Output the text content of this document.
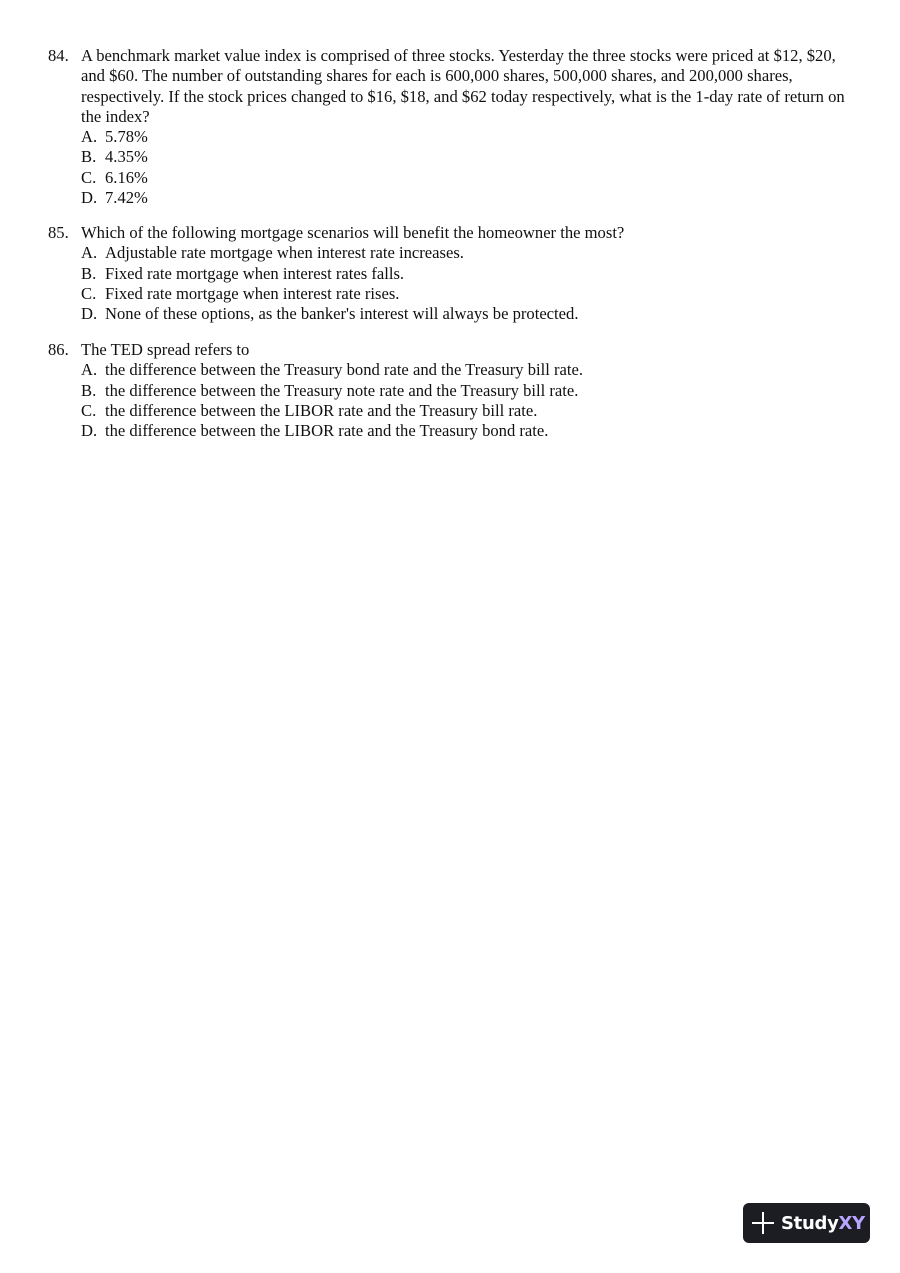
84. A benchmark market value index is comprised of three stocks. Yesterday the three stocks were priced at $12, $20, and $60. The number of outstanding shares for each is 600,000 shares, 500,000 shares, and 200,000 shares, respectively. If the stock prices changed to $16, $18, and $62 today respectively, what is the 1-day rate of return on the index?
A. 5.78%
B. 4.35%
C. 6.16%
D. 7.42%
85. Which of the following mortgage scenarios will benefit the homeowner the most?
A. Adjustable rate mortgage when interest rate increases.
B. Fixed rate mortgage when interest rates falls.
C. Fixed rate mortgage when interest rate rises.
D. None of these options, as the banker's interest will always be protected.
86. The TED spread refers to
A. the difference between the Treasury bond rate and the Treasury bill rate.
B. the difference between the Treasury note rate and the Treasury bill rate.
C. the difference between the LIBOR rate and the Treasury bill rate.
D. the difference between the LIBOR rate and the Treasury bond rate.
StudyXY
